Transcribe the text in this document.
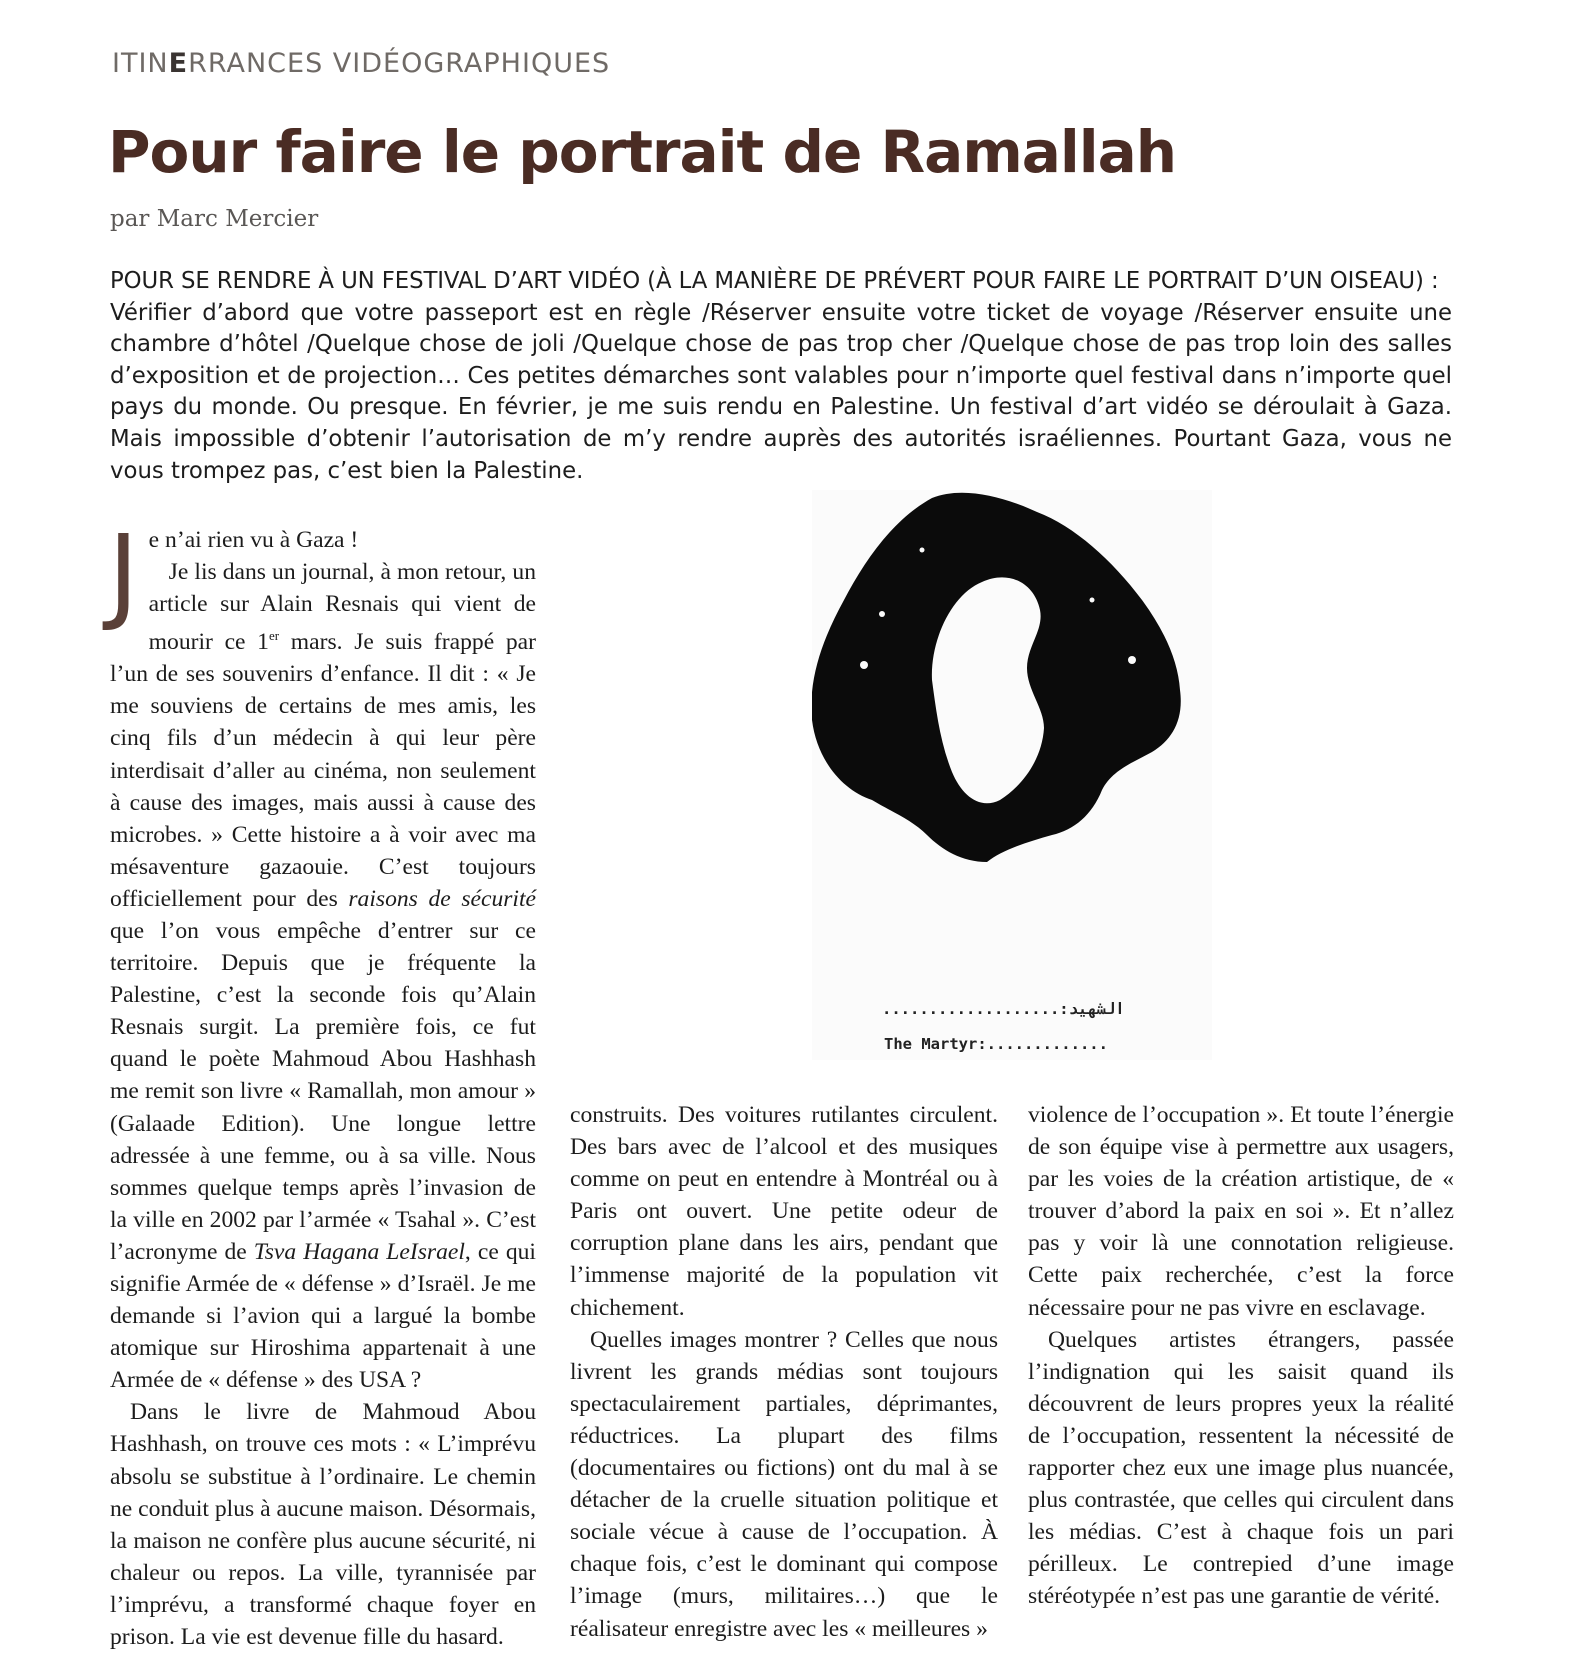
ITINERRANCES VIDÉOGRAPHIQUES
Pour faire le portrait de Ramallah
par Marc Mercier

POUR SE RENDRE À UN FESTIVAL D’ART VIDÉO (À LA MANIÈRE DE PRÉVERT POUR FAIRE LE PORTRAIT D’UN OISEAU) :
Vérifier d’abord que votre passeport est en règle /Réserver ensuite votre ticket de voyage /Réserver ensuite une chambre d’hôtel /Quelque chose de joli /Quelque chose de pas trop cher /Quelque chose de pas trop loin des salles d’exposition et de projection… Ces petites démarches sont valables pour n’importe quel festival dans n’importe quel pays du monde. Ou presque. En février, je me suis rendu en Palestine. Un festival d’art vidéo se déroulait à Gaza. Mais impossible d’obtenir l’autorisation de m’y rendre auprès des autorités israéliennes. Pourtant Gaza, vous ne vous trompez pas, c’est bien la Palestine.

...................:الشهيد
The Martyr:.............

Je n’ai rien vu à Gaza !

Je lis dans un journal, à mon retour, un article sur Alain Resnais qui vient de mourir ce 1er mars. Je suis frappé par l’un de ses souvenirs d’enfance. Il dit : « Je me souviens de certains de mes amis, les cinq fils d’un médecin à qui leur père interdisait d’aller au cinéma, non seulement à cause des images, mais aussi à cause des microbes. » Cette histoire a à voir avec ma mésaventure gazaouie. C’est toujours officiellement pour des raisons de sécurité que l’on vous empêche d’entrer sur ce territoire. Depuis que je fréquente la Palestine, c’est la seconde fois qu’Alain Resnais surgit. La première fois, ce fut quand le poète Mahmoud Abou Hashhash me remit son livre « Ramallah, mon amour » (Galaade Edition). Une longue lettre adressée à une femme, ou à sa ville. Nous sommes quelque temps après l’invasion de la ville en 2002 par l’armée « Tsahal ». C’est l’acronyme de Tsva Hagana LeIsrael, ce qui signifie Armée de « défense » d’Israël. Je me demande si l’avion qui a largué la bombe atomique sur Hiroshima appartenait à une Armée de « défense » des USA ?

Dans le livre de Mahmoud Abou Hashhash, on trouve ces mots : « L’imprévu absolu se substitue à l’ordinaire. Le chemin ne conduit plus à aucune maison. Désormais, la maison ne confère plus aucune sécurité, ni chaleur ou repos. La ville, tyrannisée par l’imprévu, a transformé chaque foyer en prison. La vie est devenue fille du hasard.

construits. Des voitures rutilantes circulent. Des bars avec de l’alcool et des musiques comme on peut en entendre à Montréal ou à Paris ont ouvert. Une petite odeur de corruption plane dans les airs, pendant que l’immense majorité de la population vit chichement.

Quelles images montrer ? Celles que nous livrent les grands médias sont toujours spectaculairement partiales, déprimantes, réductrices. La plupart des films (documentaires ou fictions) ont du mal à se détacher de la cruelle situation politique et sociale vécue à cause de l’occupation. À chaque fois, c’est le dominant qui compose l’image (murs, militaires…) que le réalisateur enregistre avec les « meilleures »

violence de l’occupation ». Et toute l’énergie de son équipe vise à permettre aux usagers, par les voies de la création artistique, de « trouver d’abord la paix en soi ». Et n’allez pas y voir là une connotation religieuse. Cette paix recherchée, c’est la force nécessaire pour ne pas vivre en esclavage.

Quelques artistes étrangers, passée l’indignation qui les saisit quand ils découvrent de leurs propres yeux la réalité de l’occupation, ressentent la nécessité de rapporter chez eux une image plus nuancée, plus contrastée, que celles qui circulent dans les médias. C’est à chaque fois un pari périlleux. Le contrepied d’une image stéréotypée n’est pas une garantie de vérité.
